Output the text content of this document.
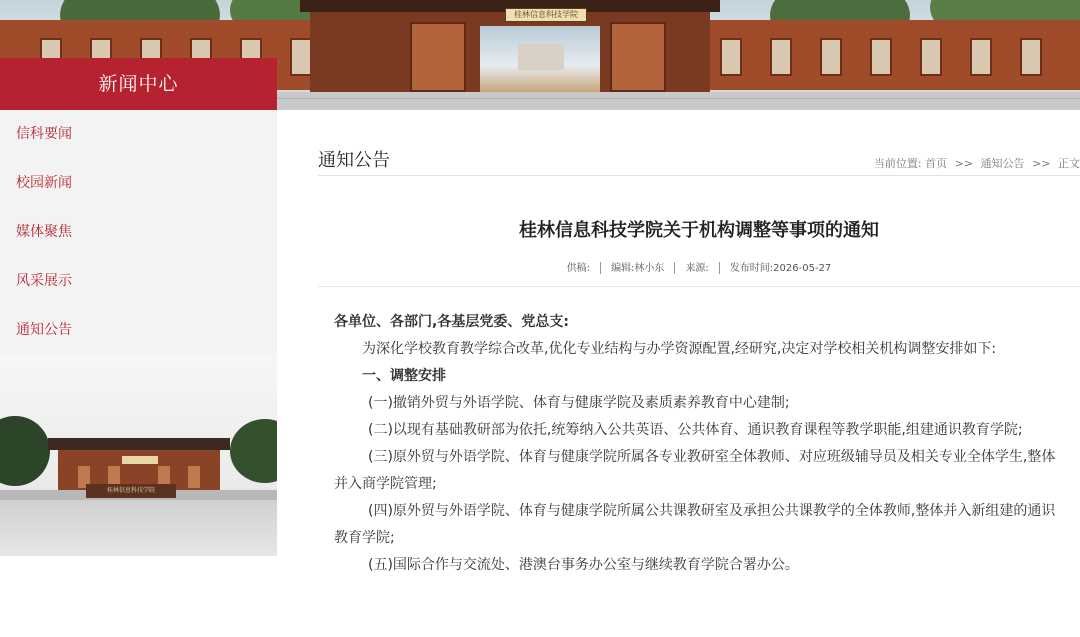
桂林信息科技学院
新闻中心
信科要闻
校园新闻
媒体聚焦
风采展示
通知公告
桂林信息科技学院
通知公告	当前位置: 首页 >> 通知公告 >> 正文
桂林信息科技学院关于机构调整等事项的通知
供稿: 编辑:林小东 来源: 发布时间:2026-05-27

各单位、各部门,各基层党委、党总支:

为深化学校教育教学综合改革,优化专业结构与办学资源配置,经研究,决定对学校相关机构调整安排如下:

一、调整安排

(一)撤销外贸与外语学院、体育与健康学院及素质素养教育中心建制;

(二)以现有基础教研部为依托,统筹纳入公共英语、公共体育、通识教育课程等教学职能,组建通识教育学院;

(三)原外贸与外语学院、体育与健康学院所属各专业教研室全体教师、对应班级辅导员及相关专业全体学生,整体并入商学院管理;

(四)原外贸与外语学院、体育与健康学院所属公共课教研室及承担公共课教学的全体教师,整体并入新组建的通识教育学院;

(五)国际合作与交流处、港澳台事务办公室与继续教育学院合署办公。
